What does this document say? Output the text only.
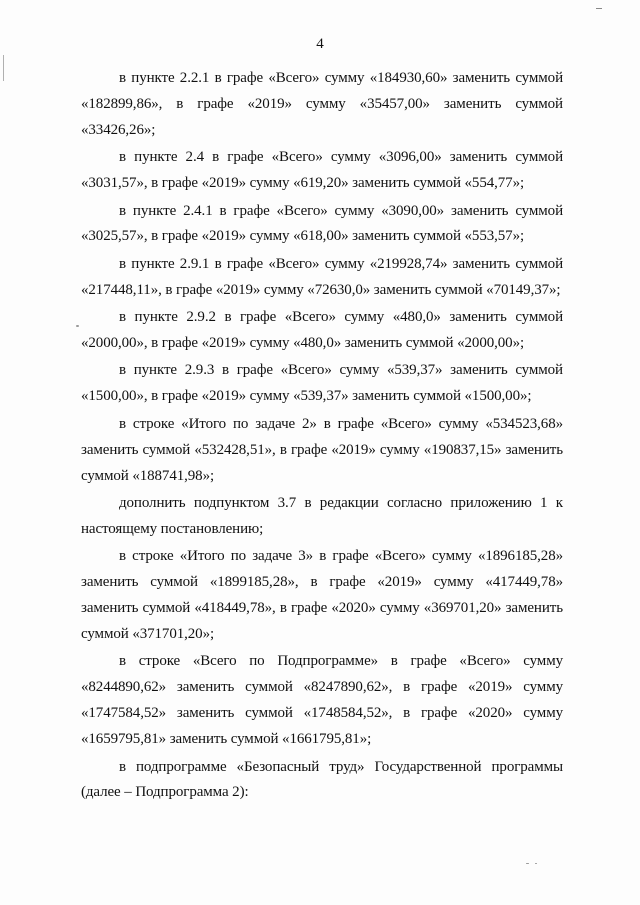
4

в пункте 2.2.1 в графе «Всего» сумму «184930,60» заменить суммой «182899,86», в графе «2019» сумму «35457,00» заменить суммой «33426,26»;

в пункте 2.4 в графе «Всего» сумму «3096,00» заменить суммой «3031,57», в графе «2019» сумму «619,20» заменить суммой «554,77»;

в пункте 2.4.1 в графе «Всего» сумму «3090,00» заменить суммой «3025,57», в графе «2019» сумму «618,00» заменить суммой «553,57»;

в пункте 2.9.1 в графе «Всего» сумму «219928,74» заменить суммой «217448,11», в графе «2019» сумму «72630,0» заменить суммой «70149,37»;

в пункте 2.9.2 в графе «Всего» сумму «480,0» заменить суммой «2000,00», в графе «2019» сумму «480,0» заменить суммой «2000,00»;

в пункте 2.9.3 в графе «Всего» сумму «539,37» заменить суммой «1500,00», в графе «2019» сумму «539,37» заменить суммой «1500,00»;

в строке «Итого по задаче 2» в графе «Всего» сумму «534523,68» заменить суммой «532428,51», в графе «2019» сумму «190837,15» заменить суммой «188741,98»;

дополнить подпунктом 3.7 в редакции согласно приложению 1 к настоящему постановлению;

в строке «Итого по задаче 3» в графе «Всего» сумму «1896185,28» заменить суммой «1899185,28», в графе «2019» сумму «417449,78» заменить суммой «418449,78», в графе «2020» сумму «369701,20» заменить суммой «371701,20»;

в строке «Всего по Подпрограмме» в графе «Всего» сумму «8244890,62» заменить суммой «8247890,62», в графе «2019» сумму «1747584,52» заменить суммой «1748584,52», в графе «2020» сумму «1659795,81» заменить суммой «1661795,81»;

в подпрограмме «Безопасный труд» Государственной программы (далее – Подпрограмма 2):
